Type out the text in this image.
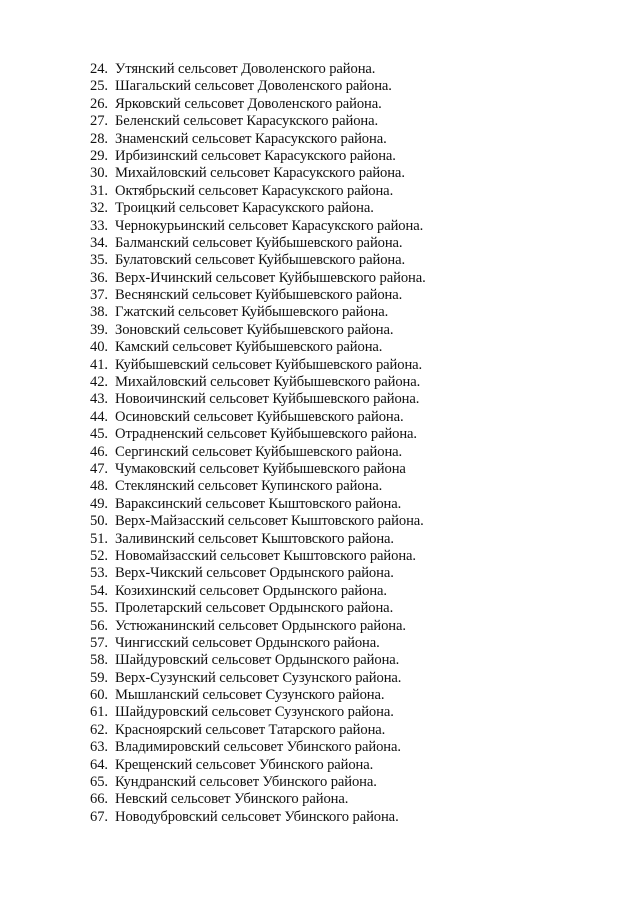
24. Утянский сельсовет Доволенского района.
25. Шагальский сельсовет Доволенского района.
26. Ярковский сельсовет Доволенского района.
27. Беленский сельсовет Карасукского района.
28. Знаменский сельсовет Карасукского района.
29. Ирбизинский сельсовет Карасукского района.
30. Михайловский сельсовет Карасукского района.
31. Октябрьский сельсовет Карасукского района.
32. Троицкий сельсовет Карасукского района.
33. Чернокурьинский сельсовет Карасукского района.
34. Балманский сельсовет Куйбышевского района.
35. Булатовский сельсовет Куйбышевского района.
36. Верх-Ичинский сельсовет Куйбышевского района.
37. Веснянский сельсовет Куйбышевского района.
38. Гжатский сельсовет Куйбышевского района.
39. Зоновский сельсовет Куйбышевского района.
40. Камский сельсовет Куйбышевского района.
41. Куйбышевский сельсовет Куйбышевского района.
42. Михайловский сельсовет Куйбышевского района.
43. Новоичинский сельсовет Куйбышевского района.
44. Осиновский сельсовет Куйбышевского района.
45. Отрадненский сельсовет Куйбышевского района.
46. Сергинский сельсовет Куйбышевского района.
47. Чумаковский сельсовет Куйбышевского района
48. Стеклянский сельсовет Купинского района.
49. Вараксинский сельсовет Кыштовского района.
50. Верх-Майзасский сельсовет Кыштовского района.
51. Заливинский сельсовет Кыштовского района.
52. Новомайзасский сельсовет Кыштовского района.
53. Верх-Чикский сельсовет Ордынского района.
54. Козихинский сельсовет Ордынского района.
55. Пролетарский сельсовет Ордынского района.
56. Устюжанинский сельсовет Ордынского района.
57. Чингисский сельсовет Ордынского района.
58. Шайдуровский сельсовет Ордынского района.
59. Верх-Сузунский сельсовет Сузунского района.
60. Мышланский сельсовет Сузунского района.
61. Шайдуровский сельсовет Сузунского района.
62. Красноярский сельсовет Татарского района.
63. Владимировский сельсовет Убинского района.
64. Крещенский сельсовет Убинского района.
65. Кундранский сельсовет Убинского района.
66. Невский сельсовет Убинского района.
67. Новодубровский сельсовет Убинского района.
